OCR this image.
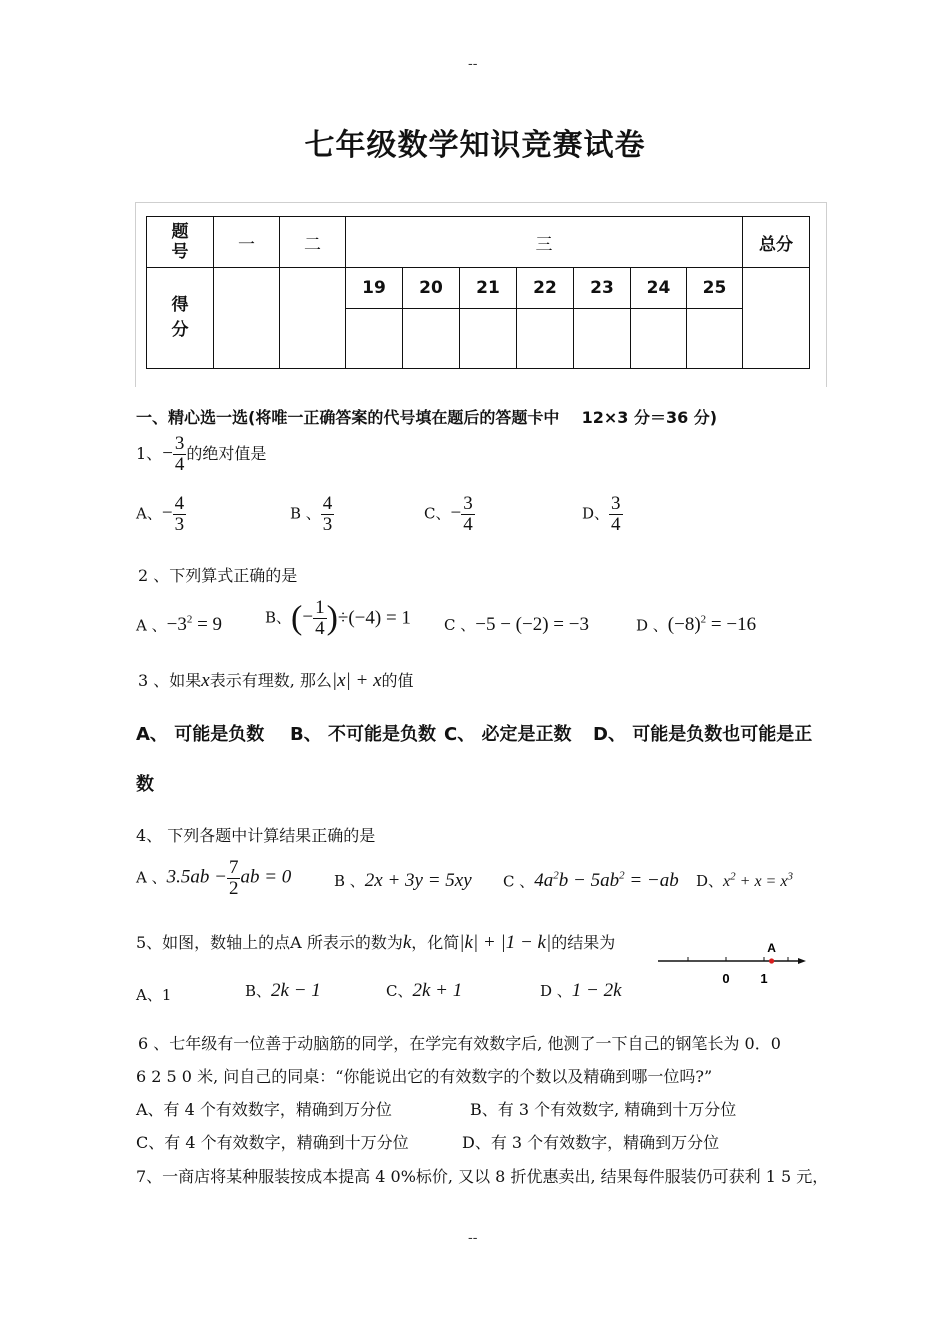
--
--
七年级数学知识竞赛试卷
题号	一	二	三							总分
得分			19	20	21	22	23	24	25	

一、精心选一选(将唯一正确答案的代号填在题后的答题卡中    12×3 分＝36 分)
1、− $\frac{3}{4}$ 的绝对值是
A、− $\frac{4}{3}$	B 、 $\frac{4}{3}$	C、− $\frac{3}{4}$	D、 $\frac{3}{4}$
2 、下列算式正确的是
A 、$-3^2 = 9$	B、(− $\frac{1}{4} )\div(-4) = 1$ C 、−5 − (−2) = −3	D 、$(-8)^2 = -16$
3 、如果x表示有理数, 那么|x| + x的值
A、 可能是负数 B、 不可能是负数 C、 必定是正数 D、 可能是负数也可能是正
数
4、 下列各题中计算结果正确的是
A 、$3.5ab - \frac{7}{2}$ ab = 0	B 、2x + 3y = 5xy C 、$4a^2b - 5ab^2 = -ab$ D、$x^2 + x = x^3$
5、如图，数轴上的点A 所表示的数为k，化简|k| + |1 − k|的结果为	A
0 1
A、1	B、2k − 1	C、2k + 1	D 、1 − 2k
6 、七年级有一位善于动脑筋的同学，在学完有效数字后, 他测了一下自己的钢笔长为 0．0
6 2 5 0 米, 问自己的同桌：“你能说出它的有效数字的个数以及精确到哪一位吗?”
A、有 4 个有效数字，精确到万分位	B、有 3 个有效数字, 精确到十万分位
C、有 4 个有效数字，精确到十万分位	D、有 3 个有效数字，精确到万分位
7、一商店将某种服装按成本提高 4 0%标价, 又以 8 折优惠卖出, 结果每件服装仍可获利 1 5 元，
